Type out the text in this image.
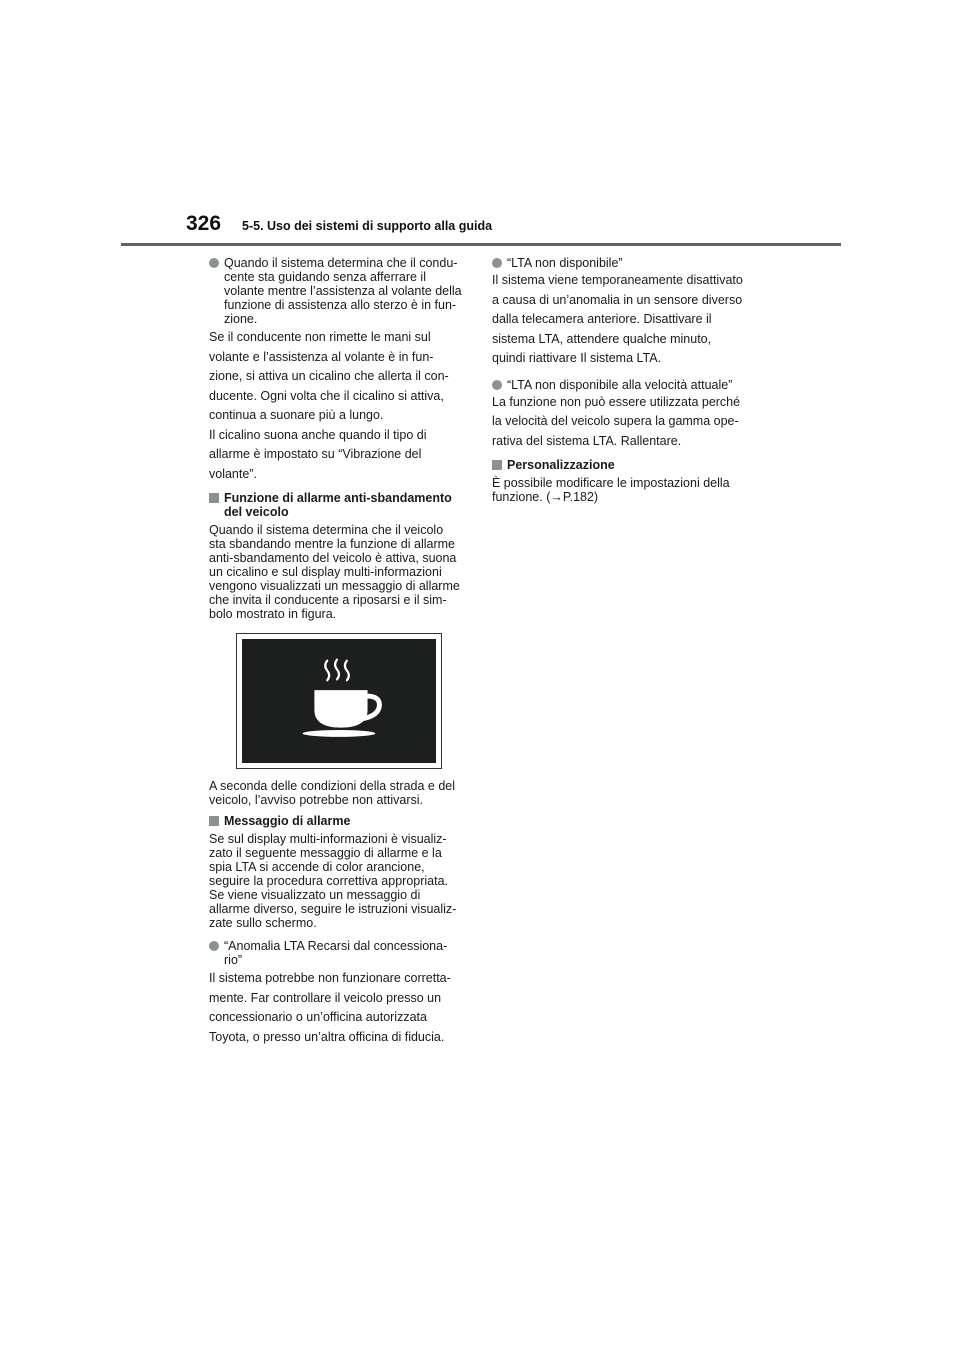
326 5-5. Uso dei sistemi di supporto alla guida

Quando il sistema determina che il condu-

cente sta guidando senza afferrare il

volante mentre l’assistenza al volante della

funzione di assistenza allo sterzo è in fun-

zione.

Se il conducente non rimette le mani sul

volante e l’assistenza al volante è in fun-

zione, si attiva un cicalino che allerta il con-

ducente. Ogni volta che il cicalino si attiva,

continua a suonare più a lungo.

Il cicalino suona anche quando il tipo di

allarme è impostato su “Vibrazione del

volante”.

Funzione di allarme anti-sbandamento

del veicolo

Quando il sistema determina che il veicolo

sta sbandando mentre la funzione di allarme

anti-sbandamento del veicolo è attiva, suona

un cicalino e sul display multi-informazioni

vengono visualizzati un messaggio di allarme

che invita il conducente a riposarsi e il sim-

bolo mostrato in figura.

A seconda delle condizioni della strada e del

veicolo, l’avviso potrebbe non attivarsi.

Messaggio di allarme

Se sul display multi-informazioni è visualiz-

zato il seguente messaggio di allarme e la

spia LTA si accende di color arancione,

seguire la procedura correttiva appropriata.

Se viene visualizzato un messaggio di

allarme diverso, seguire le istruzioni visualiz-

zate sullo schermo.

“Anomalia LTA Recarsi dal concessiona-

rio”

Il sistema potrebbe non funzionare corretta-

mente. Far controllare il veicolo presso un

concessionario o un’officina autorizzata

Toyota, o presso un’altra officina di fiducia.

“LTA non disponibile”

Il sistema viene temporaneamente disattivato

a causa di un’anomalia in un sensore diverso

dalla telecamera anteriore. Disattivare il

sistema LTA, attendere qualche minuto,

quindi riattivare Il sistema LTA.

“LTA non disponibile alla velocità attuale”

La funzione non può essere utilizzata perché

la velocità del veicolo supera la gamma ope-

rativa del sistema LTA. Rallentare.

Personalizzazione

È possibile modificare le impostazioni della

funzione. (→P.182)
